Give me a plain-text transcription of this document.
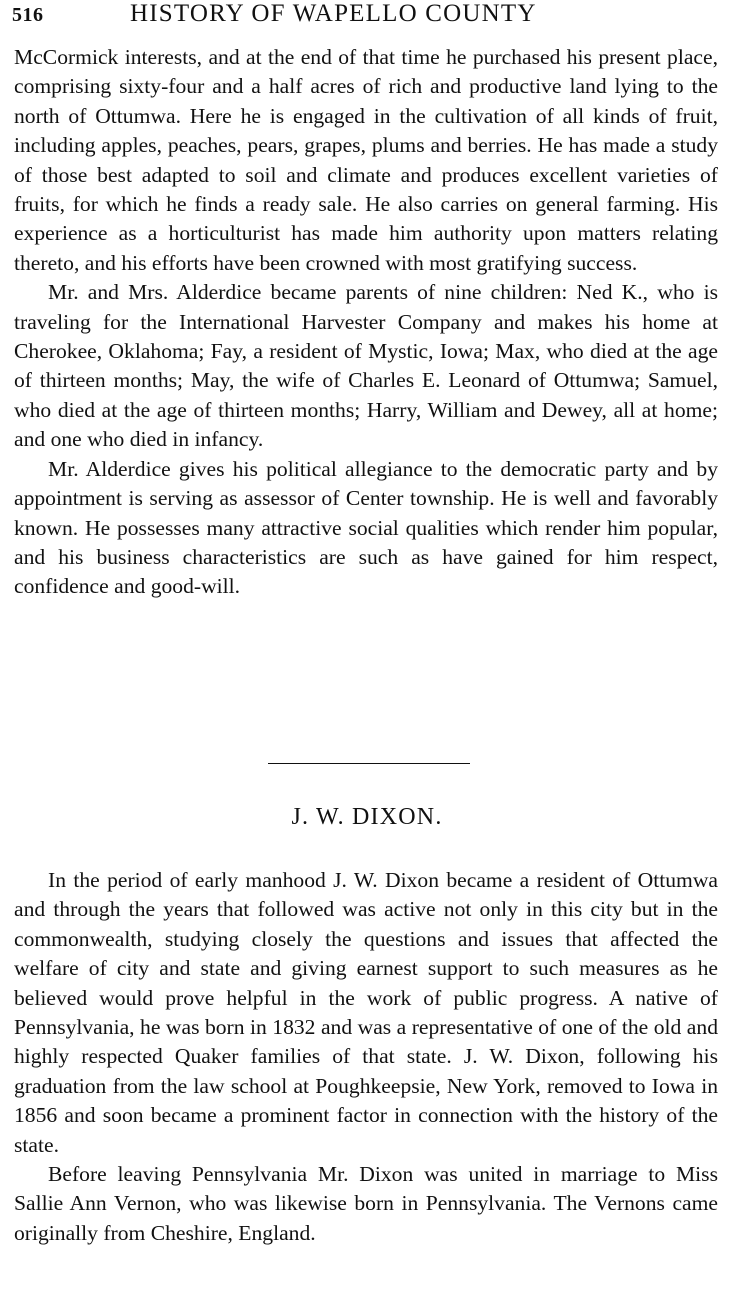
516	HISTORY OF WAPELLO COUNTY

McCormick interests, and at the end of that time he purchased his present place, comprising sixty-four and a half acres of rich and productive land lying to the north of Ottumwa. Here he is engaged in the cultivation of all kinds of fruit, including apples, peaches, pears, grapes, plums and berries. He has made a study of those best adapted to soil and climate and produces excellent varieties of fruits, for which he finds a ready sale. He also carries on general farming. His experience as a horticulturist has made him authority upon matters relating thereto, and his efforts have been crowned with most gratifying success.

Mr. and Mrs. Alderdice became parents of nine children: Ned K., who is traveling for the International Harvester Company and makes his home at Cherokee, Oklahoma; Fay, a resident of Mystic, Iowa; Max, who died at the age of thirteen months; May, the wife of Charles E. Leonard of Ottumwa; Samuel, who died at the age of thirteen months; Harry, William and Dewey, all at home; and one who died in infancy.

Mr. Alderdice gives his political allegiance to the democratic party and by appointment is serving as assessor of Center township. He is well and favorably known. He possesses many attractive social qualities which render him popular, and his business characteristics are such as have gained for him respect, confidence and good-will.

J. W. DIXON.

In the period of early manhood J. W. Dixon became a resident of Ottumwa and through the years that followed was active not only in this city but in the commonwealth, studying closely the questions and issues that affected the welfare of city and state and giving earnest support to such measures as he believed would prove helpful in the work of public progress. A native of Pennsylvania, he was born in 1832 and was a representative of one of the old and highly respected Quaker families of that state. J. W. Dixon, following his graduation from the law school at Poughkeepsie, New York, removed to Iowa in 1856 and soon became a prominent factor in connection with the history of the state.

Before leaving Pennsylvania Mr. Dixon was united in marriage to Miss Sallie Ann Vernon, who was likewise born in Pennsylvania. The Vernons came originally from Cheshire, England.
